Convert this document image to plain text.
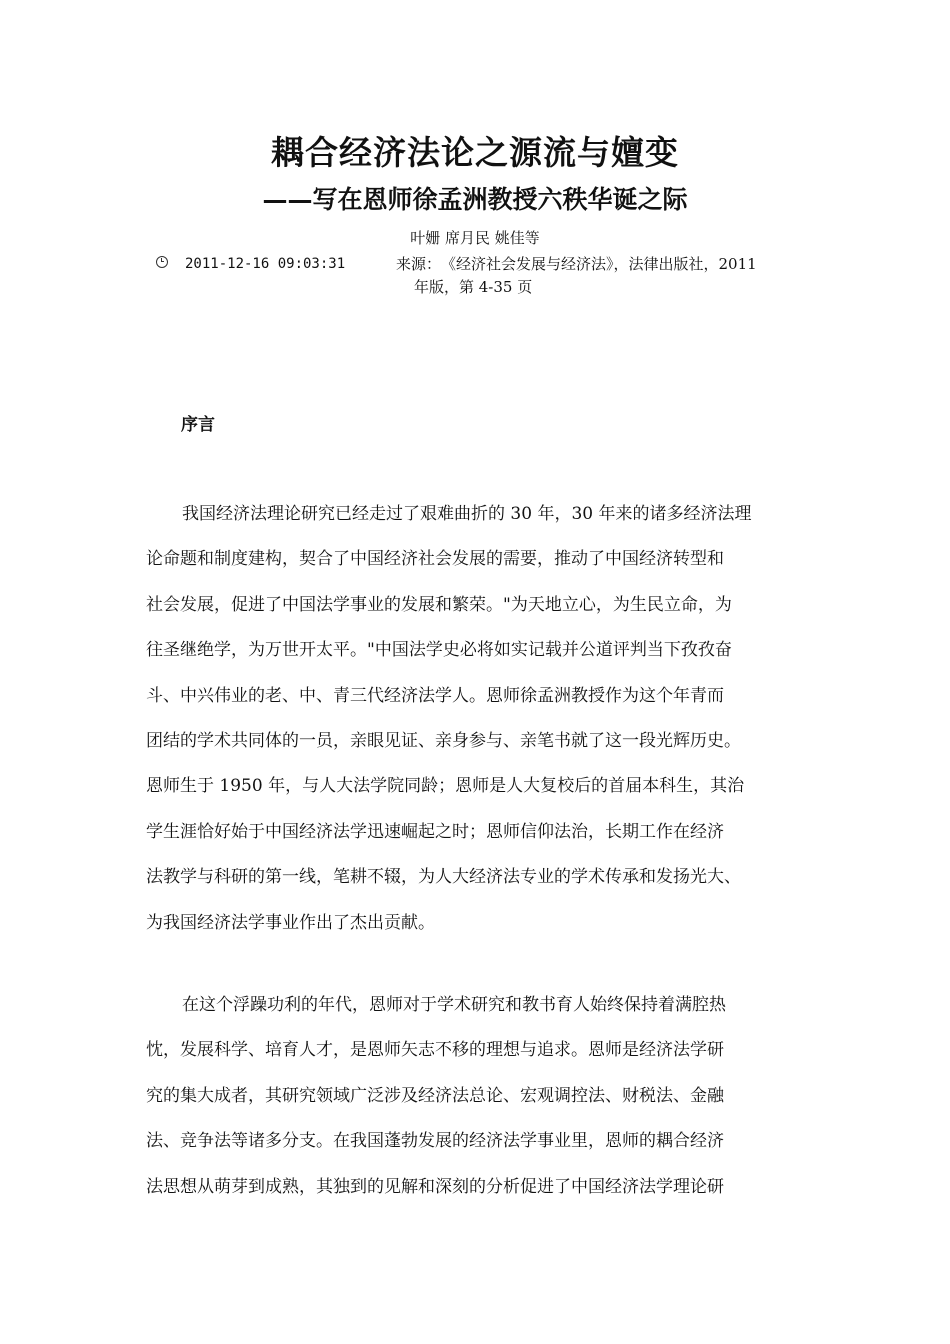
耦合经济法论之源流与嬗变
——写在恩师徐孟洲教授六秩华诞之际
叶姗 席月民 姚佳等
2011-12-16 09:03:31	来源： 《经济社会发展与经济法》，法律出版社，2011
年版，第 4-35 页
序言
我国经济法理论研究已经走过了艰难曲折的 30 年，30 年来的诸多经济法理
论命题和制度建构，契合了中国经济社会发展的需要，推动了中国经济转型和
社会发展，促进了中国法学事业的发展和繁荣。"为天地立心，为生民立命，为
往圣继绝学，为万世开太平。"中国法学史必将如实记载并公道评判当下孜孜奋
斗、中兴伟业的老、中、青三代经济法学人。恩师徐孟洲教授作为这个年青而
团结的学术共同体的一员，亲眼见证、亲身参与、亲笔书就了这一段光辉历史。
恩师生于 1950 年，与人大法学院同龄；恩师是人大复校后的首届本科生，其治
学生涯恰好始于中国经济法学迅速崛起之时；恩师信仰法治，长期工作在经济
法教学与科研的第一线，笔耕不辍，为人大经济法专业的学术传承和发扬光大、
为我国经济法学事业作出了杰出贡献。
在这个浮躁功利的年代，恩师对于学术研究和教书育人始终保持着满腔热
忱，发展科学、培育人才，是恩师矢志不移的理想与追求。恩师是经济法学研
究的集大成者，其研究领域广泛涉及经济法总论、宏观调控法、财税法、金融
法、竞争法等诸多分支。在我国蓬勃发展的经济法学事业里，恩师的耦合经济
法思想从萌芽到成熟，其独到的见解和深刻的分析促进了中国经济法学理论研
